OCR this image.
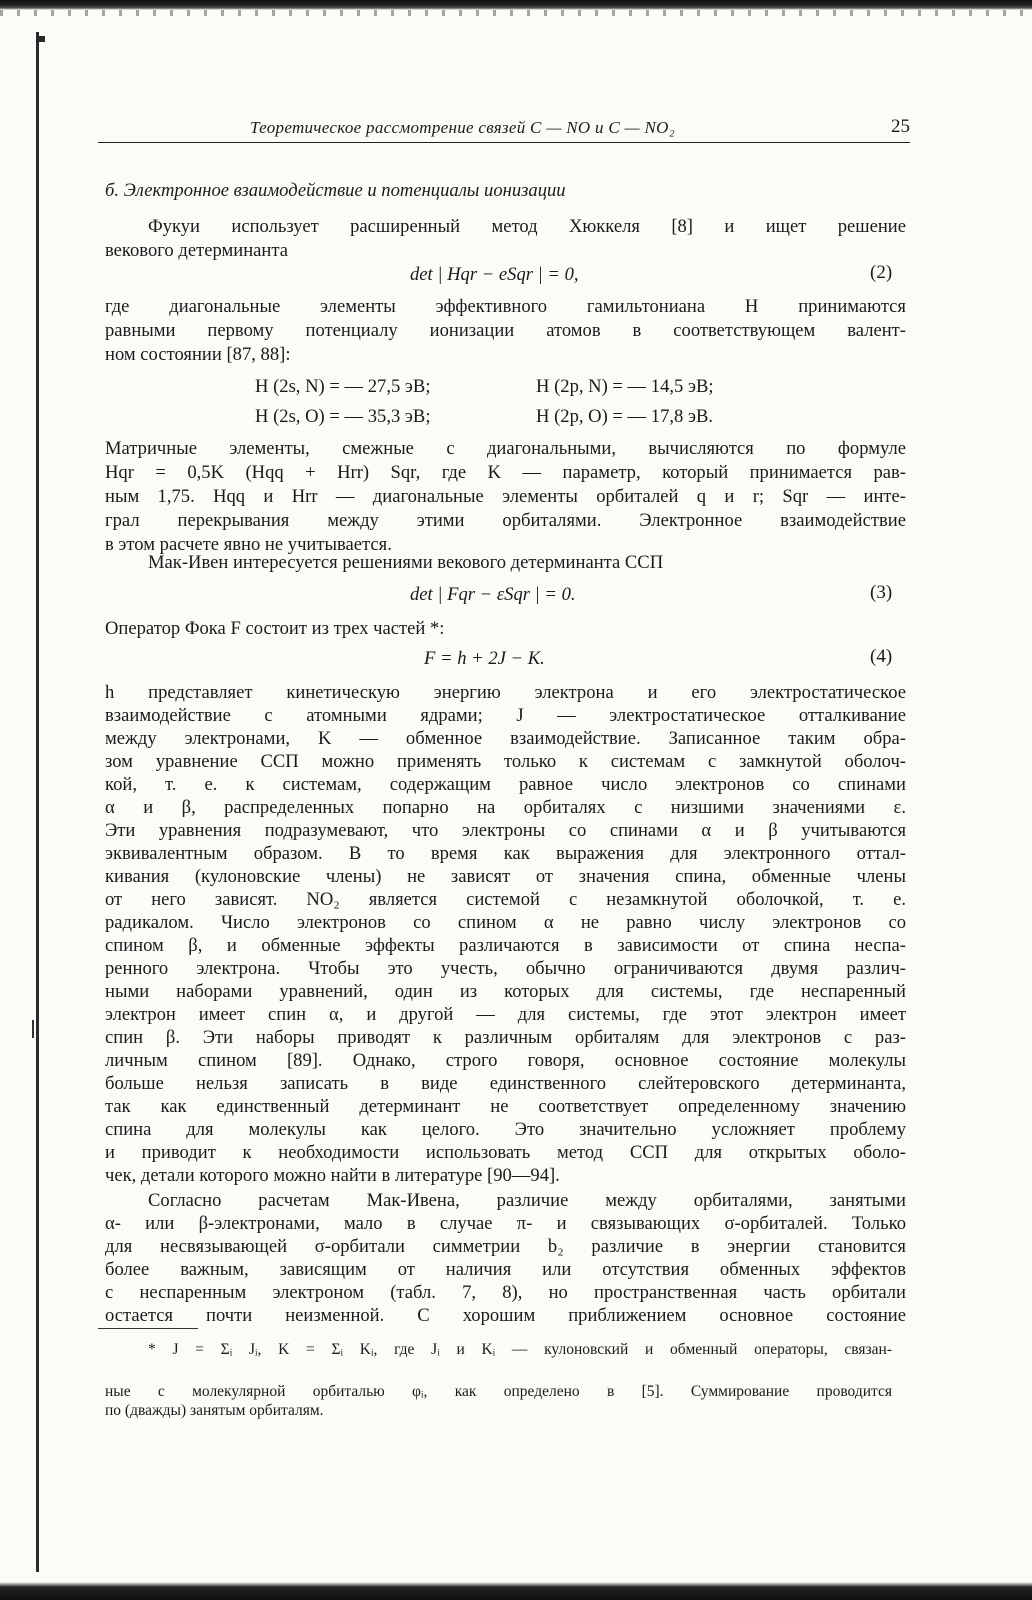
Теоретическое рассмотрение связей C — NO и C — NO₂	25
б. Электронное взаимодействие и потенциалы ионизации
Фукуи использует расширенный метод Хюккеля [8] и ищет решение
векового детерминанта
det | Hqr − eSqr | = 0,	(2)
где диагональные элементы эффективного гамильтониана H принимаются
равными первому потенциалу ионизации атомов в соответствующем валент-
ном состоянии [87, 88]:
H (2s, N) = — 27,5 эВ;	H (2p, N) = — 14,5 эВ;
H (2s, O) = — 35,3 эВ;	H (2p, O) = — 17,8 эВ.
Матричные элементы, смежные с диагональными, вычисляются по формуле
Hqr = 0,5K (Hqq + Hrr) Sqr, где K — параметр, который принимается рав-
ным 1,75. Hqq и Hrr — диагональные элементы орбиталей q и r; Sqr — инте-
грал перекрывания между этими орбиталями. Электронное взаимодействие
в этом расчете явно не учитывается.
Мак-Ивен интересуется решениями векового детерминанта ССП
det | Fqr − εSqr | = 0.	(3)
Оператор Фока F состоит из трех частей *:
F = h + 2J − K.	(4)
h представляет кинетическую энергию электрона и его электростатическое
взаимодействие с атомными ядрами; J — электростатическое отталкивание
между электронами, K — обменное взаимодействие. Записанное таким обра-
зом уравнение ССП можно применять только к системам с замкнутой оболоч-
кой, т. е. к системам, содержащим равное число электронов со спинами
α и β, распределенных попарно на орбиталях с низшими значениями ε.
Эти уравнения подразумевают, что электроны со спинами α и β учитываются
эквивалентным образом. В то время как выражения для электронного оттал-
кивания (кулоновские члены) не зависят от значения спина, обменные члены
от него зависят. NO₂ является системой с незамкнутой оболочкой, т. е.
радикалом. Число электронов со спином α не равно числу электронов со
спином β, и обменные эффекты различаются в зависимости от спина неспа-
ренного электрона. Чтобы это учесть, обычно ограничиваются двумя различ-
ными наборами уравнений, один из которых для системы, где неспаренный
электрон имеет спин α, и другой — для системы, где этот электрон имеет
спин β. Эти наборы приводят к различным орбиталям для электронов с раз-
личным спином [89]. Однако, строго говоря, основное состояние молекулы
больше нельзя записать в виде единственного слейтеровского детерминанта,
так как единственный детерминант не соответствует определенному значению
спина для молекулы как целого. Это значительно усложняет проблему
и приводит к необходимости использовать метод ССП для открытых оболо-
чек, детали которого можно найти в литературе [90—94].
Согласно расчетам Мак-Ивена, различие между орбиталями, занятыми
α- или β-электронами, мало в случае π- и связывающих σ-орбиталей. Только
для несвязывающей σ-орбитали симметрии b₂ различие в энергии становится
более важным, зависящим от наличия или отсутствия обменных эффектов
с неспаренным электроном (табл. 7, 8), но пространственная часть орбитали
остается почти неизменной. С хорошим приближением основное состояние
* J = Σᵢ Jᵢ, K = Σᵢ Kᵢ, где Jᵢ и Kᵢ — кулоновский и обменный операторы, связан-
ные с молекулярной орбиталью φᵢ, как определено в [5]. Суммирование проводится
по (дважды) занятым орбиталям.
